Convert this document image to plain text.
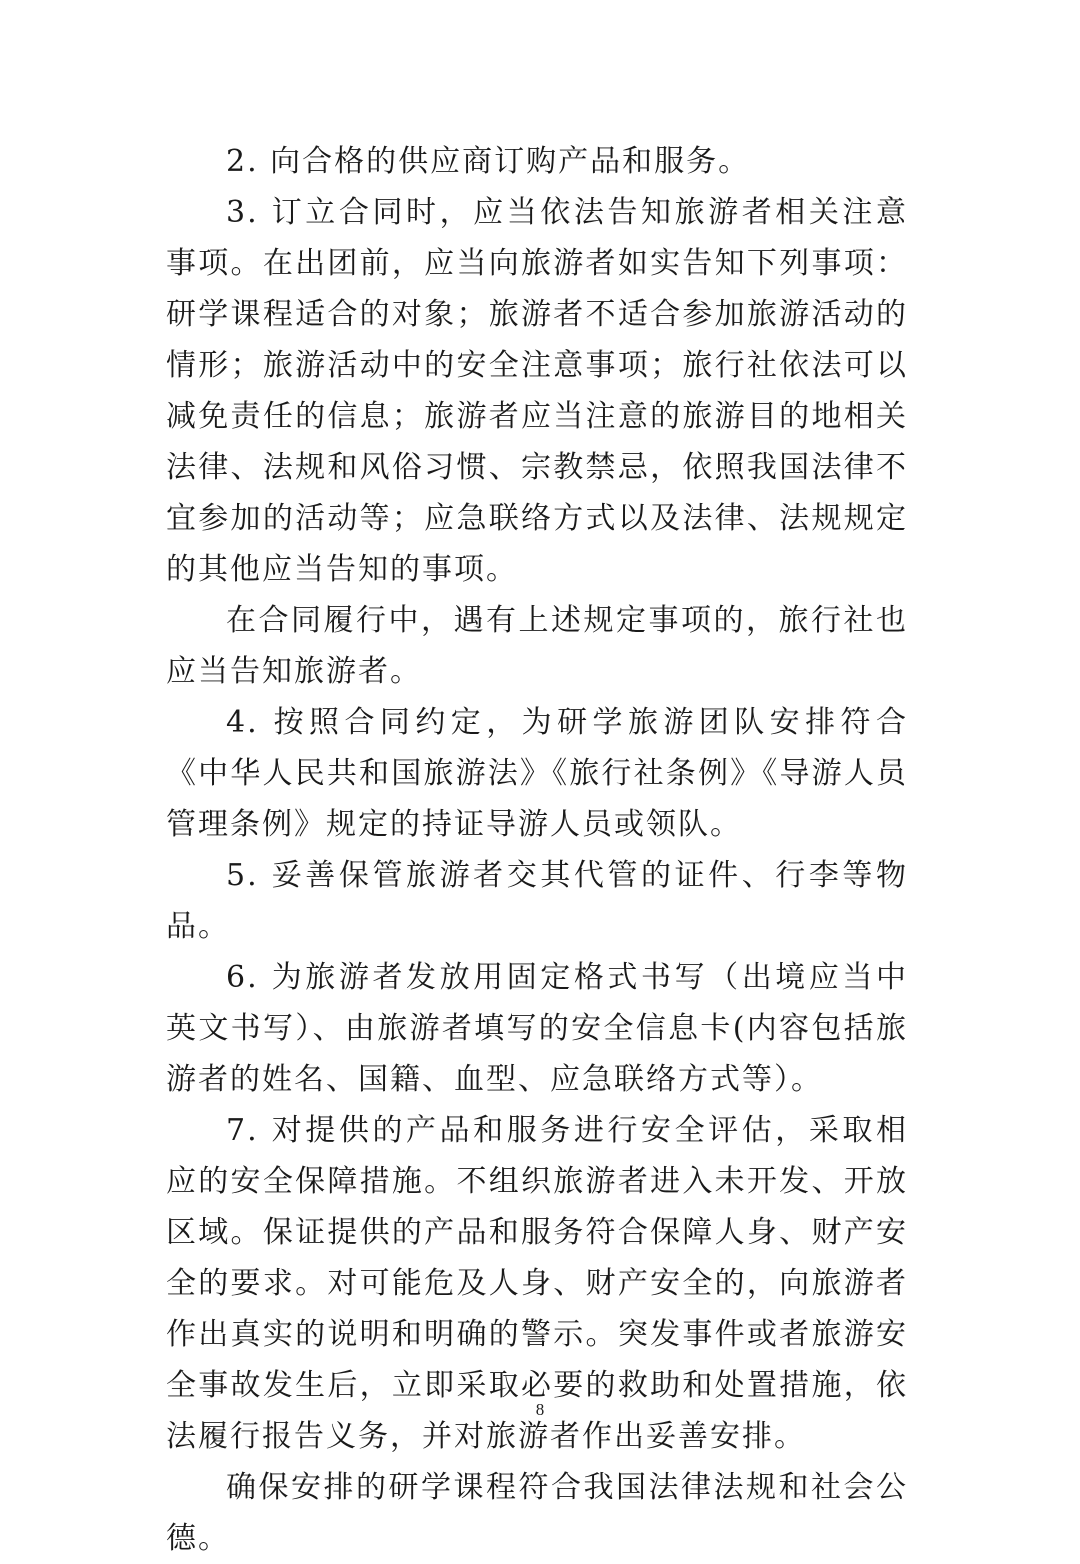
2. 向合格的供应商订购产品和服务。

3. 订立合同时，应当依法告知旅游者相关注意事项。在出团前，应当向旅游者如实告知下列事项：研学课程适合的对象；旅游者不适合参加旅游活动的情形；旅游活动中的安全注意事项；旅行社依法可以减免责任的信息；旅游者应当注意的旅游目的地相关法律、法规和风俗习惯、宗教禁忌，依照我国法律不宜参加的活动等；应急联络方式以及法律、法规规定的其他应当告知的事项。

在合同履行中，遇有上述规定事项的，旅行社也应当告知旅游者。

4. 按照合同约定，为研学旅游团队安排符合《中华人民共和国旅游法》《旅行社条例》《导游人员管理条例》规定的持证导游人员或领队。

5. 妥善保管旅游者交其代管的证件、行李等物品。

6. 为旅游者发放用固定格式书写（出境应当中英文书写）、由旅游者填写的安全信息卡(内容包括旅游者的姓名、国籍、血型、应急联络方式等）。

7. 对提供的产品和服务进行安全评估，采取相应的安全保障措施。不组织旅游者进入未开发、开放区域。保证提供的产品和服务符合保障人身、财产安全的要求。对可能危及人身、财产安全的，向旅游者作出真实的说明和明确的警示。突发事件或者旅游安全事故发生后，立即采取必要的救助和处置措施，依法履行报告义务，并对旅游者作出妥善安排。

确保安排的研学课程符合我国法律法规和社会公德。

8
